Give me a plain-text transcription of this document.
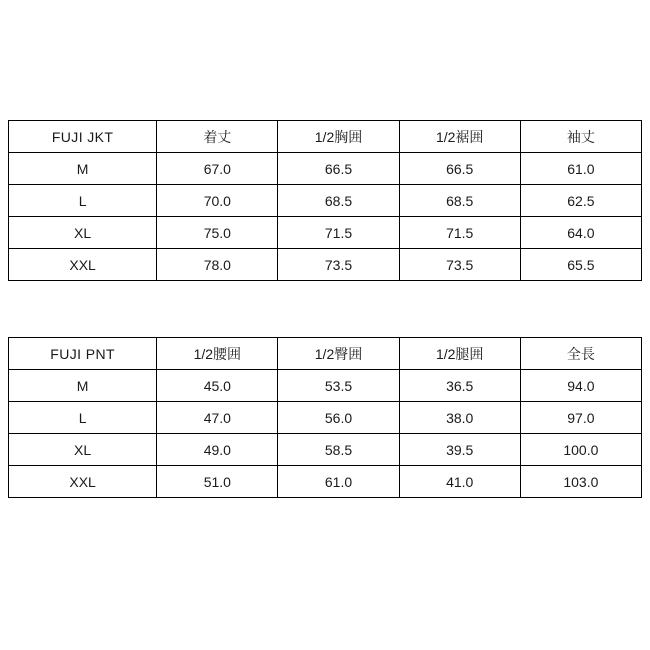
FUJI JKT	着丈	1/2胸囲	1/2裾囲	袖丈
M	67.0	66.5	66.5	61.0
L	70.0	68.5	68.5	62.5
XL	75.0	71.5	71.5	64.0
XXL	78.0	73.5	73.5	65.5
FUJI PNT	1/2腰囲	1/2臀囲	1/2腿囲	全長
M	45.0	53.5	36.5	94.0
L	47.0	56.0	38.0	97.0
XL	49.0	58.5	39.5	100.0
XXL	51.0	61.0	41.0	103.0
